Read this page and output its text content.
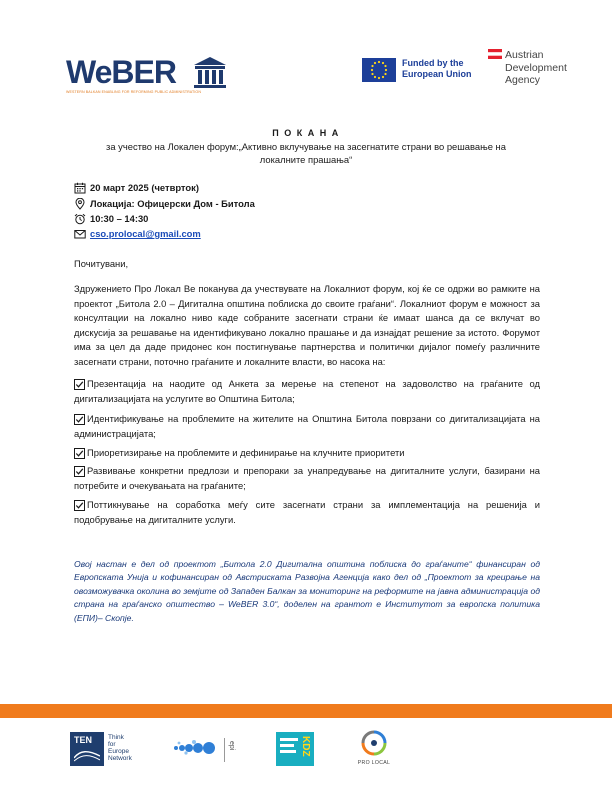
WeBER
WESTERN BALKAN ENABLING FOR REFORMING PUBLIC ADMINISTRATION
Funded by the European Union
Austrian
Development
Agency
П О К А Н А
за учество на Локален форум:„Активно вклучување на засегнатите страни во решавање на локалните прашања“
20 март 2025 (четврток)
Локација: Офицерски Дом - Битола
10:30 – 14:30
cso.prolocal@gmail.com
Почитувани,
Здружението Про Локал Ве поканува да учествувате на Локалниот форум, кој ќе се одржи во рамките на проектот „Битола 2.0 – Дигитална општина поблиска до своите граѓани“. Локалниот форум е можност за консултации на локално ниво каде собраните засегнати страни ќе имаат шанса да се вклучат во дискусија за решавање на идентификувано локално прашање и да изнајдат решение за истото. Форумот има за цел да даде придонес кон постигнување партнерства и политички дијалог помеѓу различните засегнати страни, поточно граѓаните и локалните власти, во насока на:
Презентација на наодите од Анкета за мерење на степенот на задоволство на граѓаните од дигитализацијата на услугите во Општина Битола;
Идентификување на проблемите на жителите на Општина Битола поврзани со дигитализацијата на администрацијата;
Приоретизирање на проблемите и дефинирање на клучните приоритети
Развивање конкретни предлози и препораки за унапредување на дигиталните услуги, базирани на потребите и очекувањата на граѓаните;
Поттикнување на соработка меѓу сите засегнати страни за имплементација на решенија и подобрување на дигиталните услуги.
Овој настан е дел од проектот „Битола 2.0 Дигитална општина поблиска до граѓаните“ финансиран од Европската Унија и кофинансиран од Австриската Развојна Агенција како дел од „Проектот за креирање на овозможувачка околина во земјите од Западен Балкан за мониторинг на реформите на јавна администрација од страна на граѓанско општество – WeBER 3.0“, доделен на грантот е Институтот за европска политика (ЕПИ)– Скопје.
TEN Think
for
Europe
Network
epi	KDZ
PRO LOCAL
